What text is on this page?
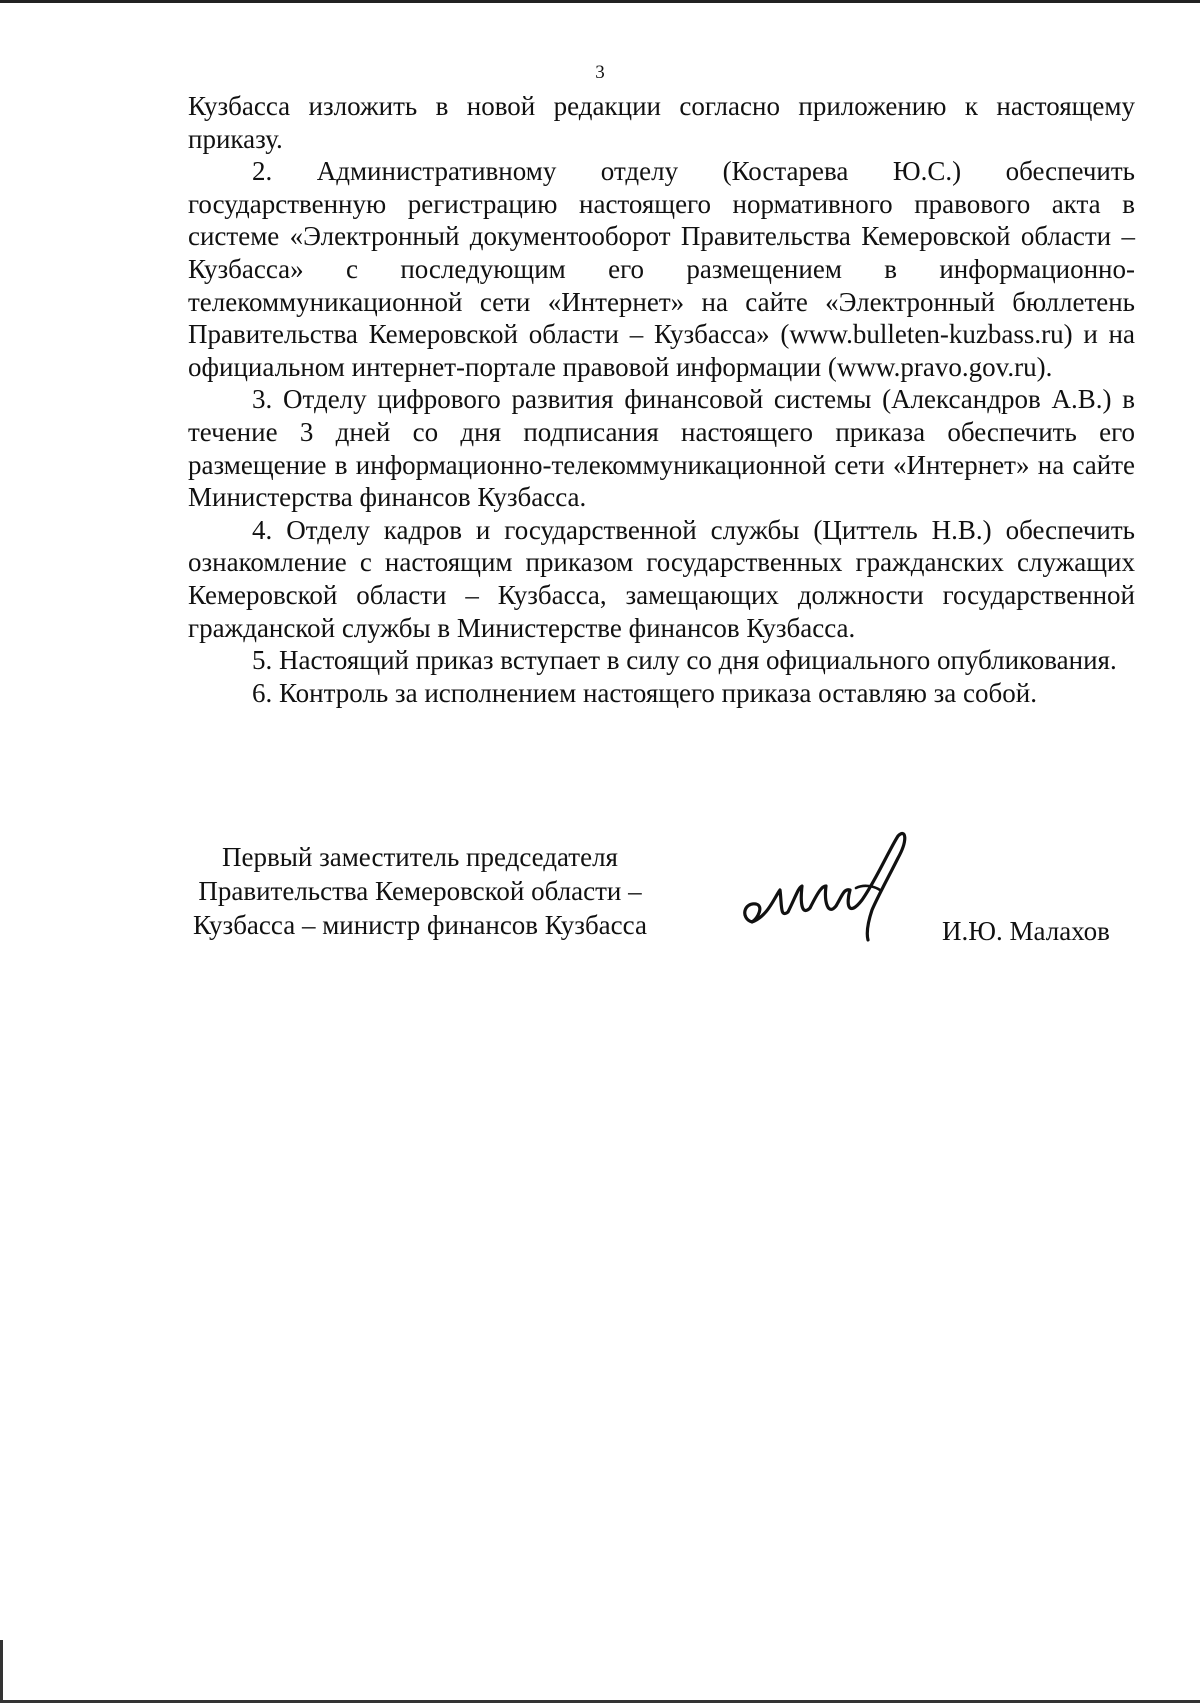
3

Кузбасса изложить в новой редакции согласно приложению к настоящему приказу.

2. Административному отделу (Костарева Ю.С.) обеспечить государственную регистрацию настоящего нормативного правового акта в системе «Электронный документооборот Правительства Кемеровской области – Кузбасса» с последующим его размещением в информационно-телекоммуникационной сети «Интернет» на сайте «Электронный бюллетень Правительства Кемеровской области – Кузбасса» (www.bulleten-kuzbass.ru) и на официальном интернет-портале правовой информации (www.pravo.gov.ru).

3. Отделу цифрового развития финансовой системы (Александров А.В.) в течение 3 дней со дня подписания настоящего приказа обеспечить его размещение в информационно-телекоммуникационной сети «Интернет» на сайте Министерства финансов Кузбасса.

4. Отделу кадров и государственной службы (Циттель Н.В.) обеспечить ознакомление с настоящим приказом государственных гражданских служащих Кемеровской области – Кузбасса, замещающих должности государственной гражданской службы в Министерстве финансов Кузбасса.

5. Настоящий приказ вступает в силу со дня официального опубликования.

6. Контроль за исполнением настоящего приказа оставляю за собой.

Первый заместитель председателя
Правительства Кемеровской области –
Кузбасса – министр финансов Кузбасса	И.Ю. Малахов
